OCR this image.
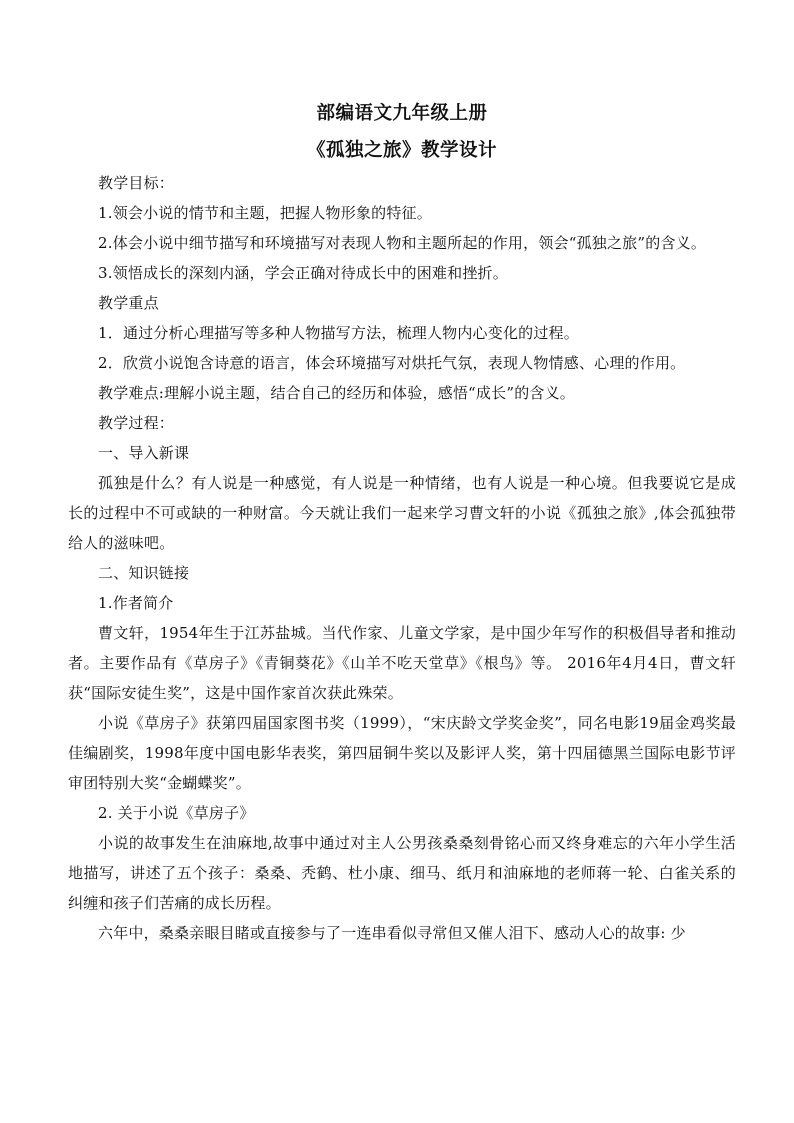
部编语文九年级上册
《孤独之旅》教学设计

教学目标：

1.领会小说的情节和主题，把握人物形象的特征。

2.体会小说中细节描写和环境描写对表现人物和主题所起的作用，领会“孤独之旅”的含义。

3.领悟成长的深刻内涵，学会正确对待成长中的困难和挫折。

教学重点

1．通过分析心理描写等多种人物描写方法，梳理人物内心变化的过程。

2．欣赏小说饱含诗意的语言，体会环境描写对烘托气氛，表现人物情感、心理的作用。

教学难点:理解小说主题，结合自己的经历和体验，感悟“成长”的含义。

教学过程：

一、导入新课

孤独是什么？有人说是一种感觉，有人说是一种情绪，也有人说是一种心境。但我要说它是成长的过程中不可或缺的一种财富。今天就让我们一起来学习曹文轩的小说《孤独之旅》,体会孤独带给人的滋味吧。

二、知识链接

1.作者简介

曹文轩，1954年生于江苏盐城。当代作家、儿童文学家，是中国少年写作的积极倡导者和推动者。主要作品有《草房子》《青铜葵花》《山羊不吃天堂草》《根鸟》等。 2016年4月4日，曹文轩获“国际安徒生奖”，这是中国作家首次获此殊荣。

小说《草房子》获第四届国家图书奖（1999），“宋庆龄文学奖金奖”，同名电影19届金鸡奖最佳编剧奖，1998年度中国电影华表奖，第四届铜牛奖以及影评人奖，第十四届德黑兰国际电影节评审团特别大奖“金蝴蝶奖”。

2. 关于小说《草房子》

小说的故事发生在油麻地,故事中通过对主人公男孩桑桑刻骨铭心而又终身难忘的六年小学生活地描写，讲述了五个孩子：桑桑、秃鹤、杜小康、细马、纸月和油麻地的老师蒋一轮、白雀关系的纠缠和孩子们苦痛的成长历程。

六年中，桑桑亲眼目睹或直接参与了一连串看似寻常但又催人泪下、感动人心的故事: 少
